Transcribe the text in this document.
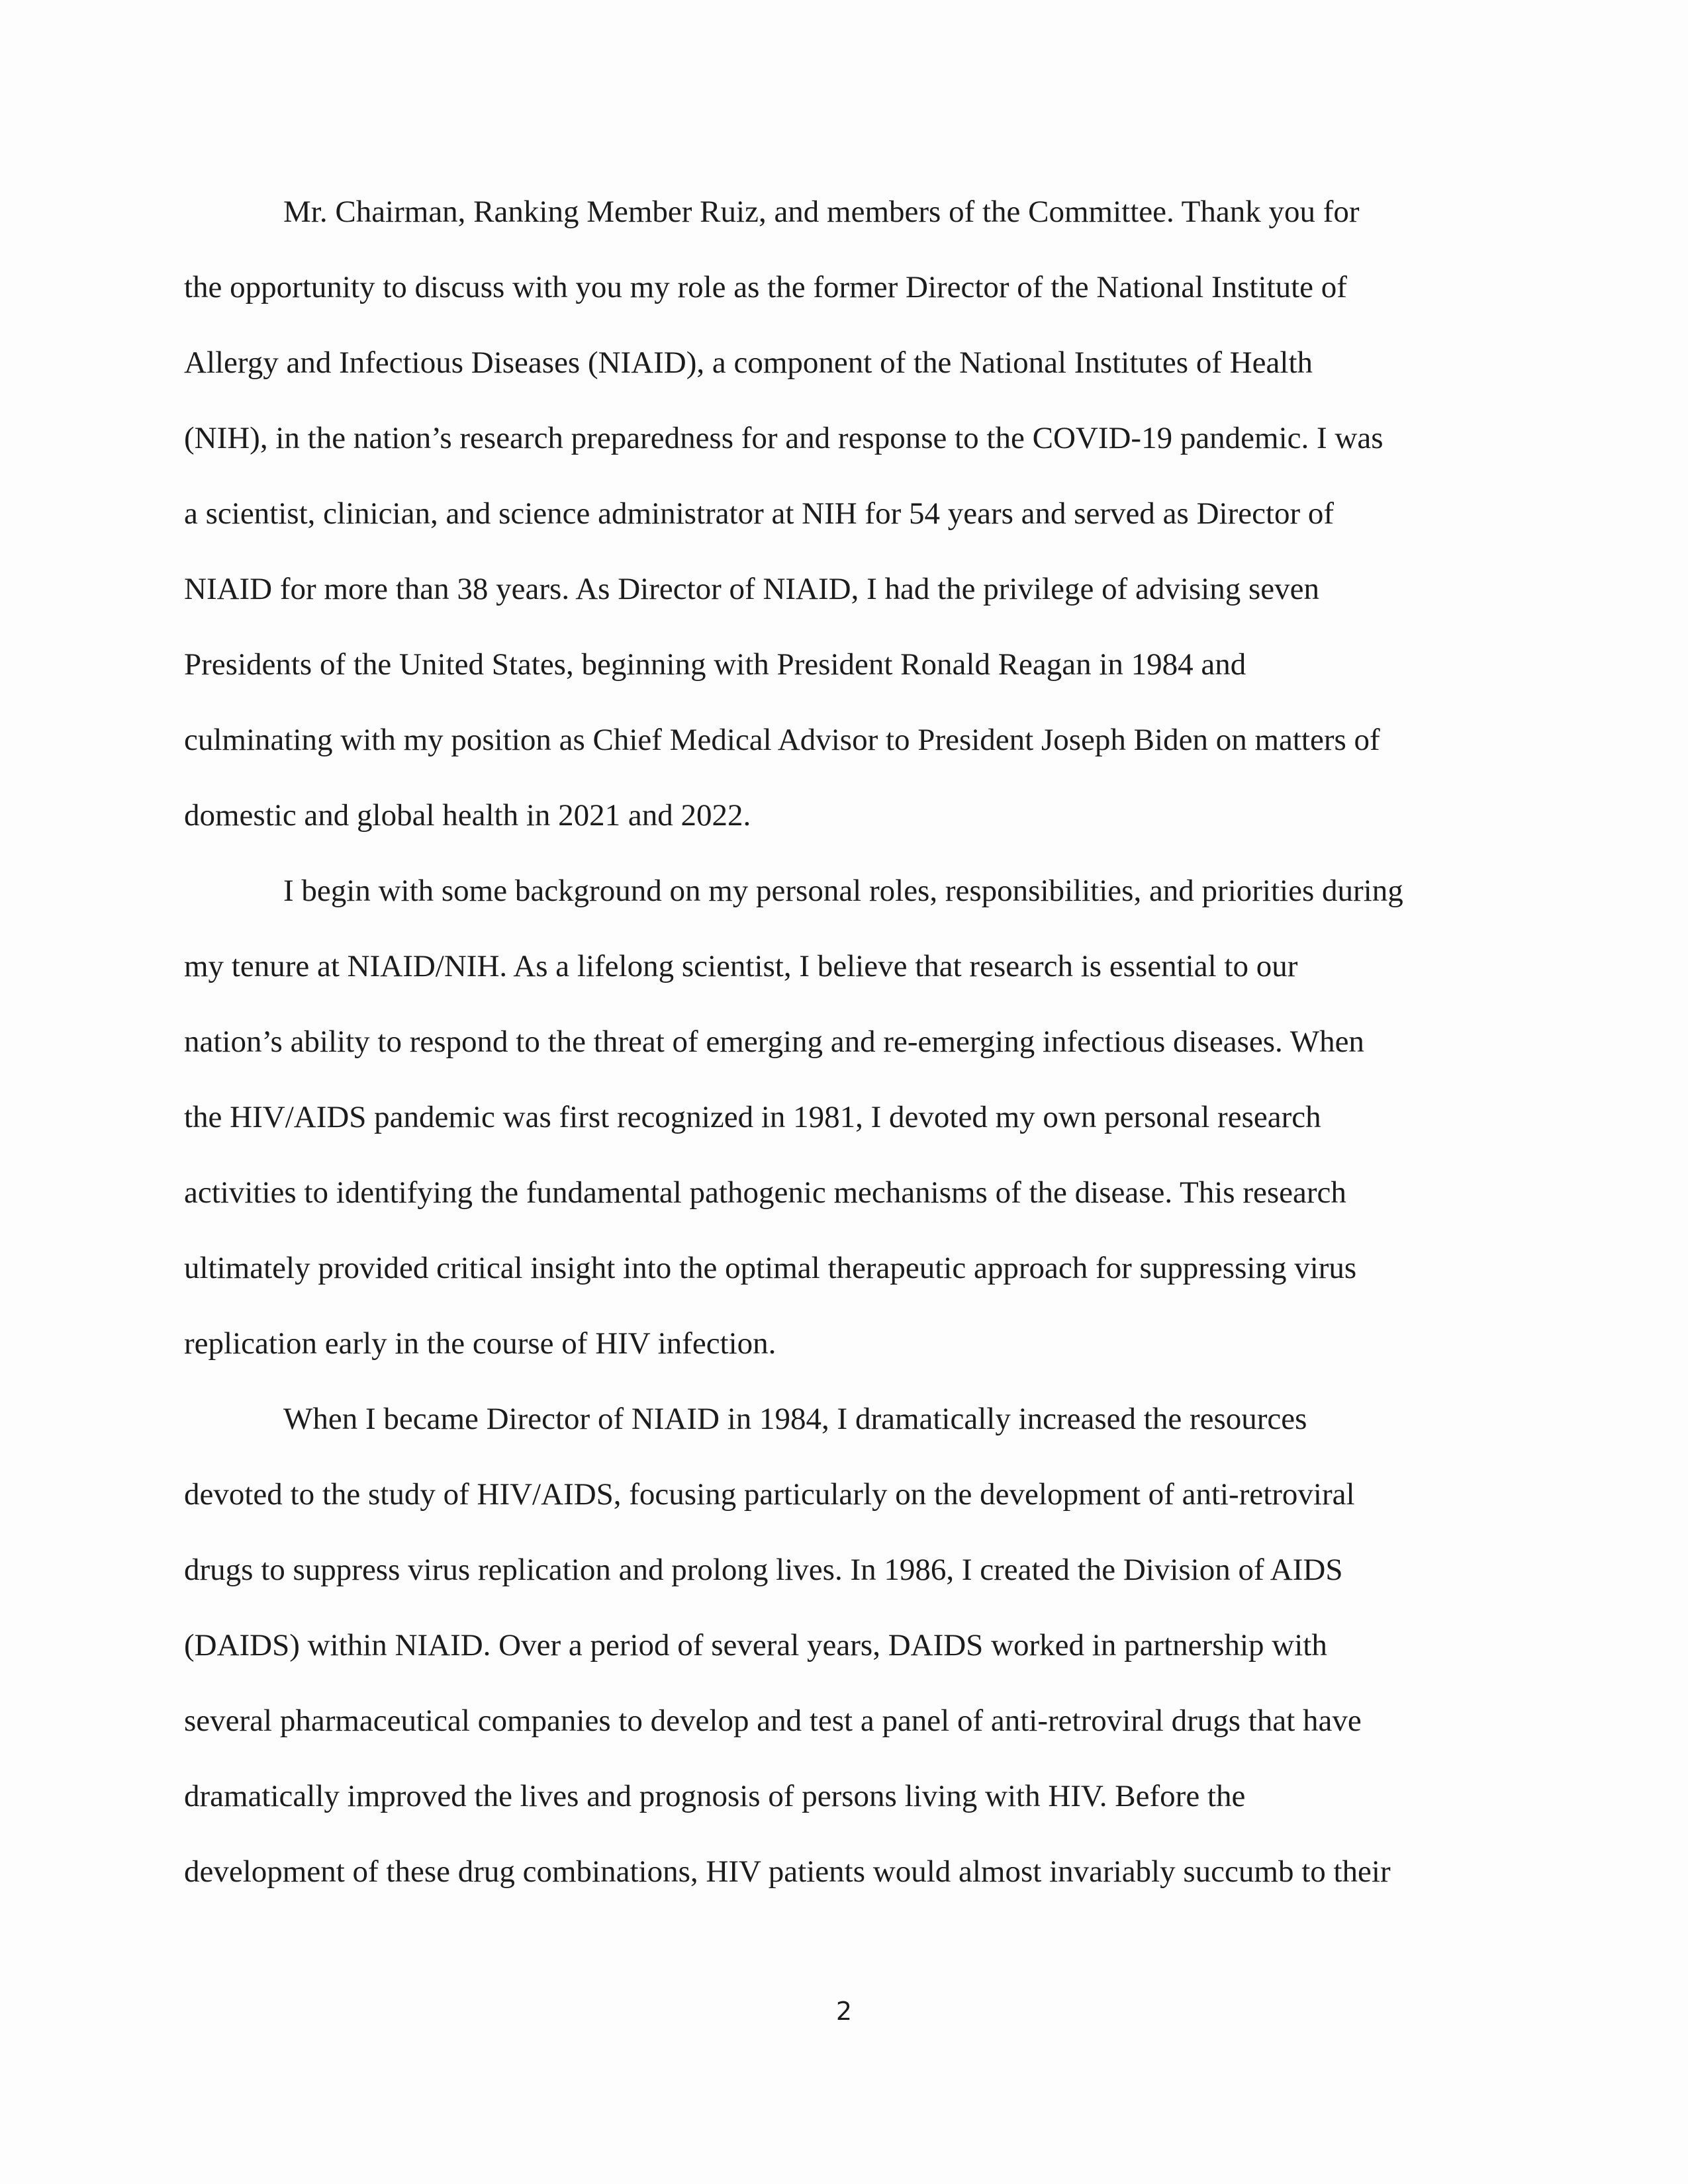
Mr. Chairman, Ranking Member Ruiz, and members of the Committee. Thank you for

the opportunity to discuss with you my role as the former Director of the National Institute of

Allergy and Infectious Diseases (NIAID), a component of the National Institutes of Health

(NIH), in the nation’s research preparedness for and response to the COVID-19 pandemic. I was

a scientist, clinician, and science administrator at NIH for 54 years and served as Director of

NIAID for more than 38 years. As Director of NIAID, I had the privilege of advising seven

Presidents of the United States, beginning with President Ronald Reagan in 1984 and

culminating with my position as Chief Medical Advisor to President Joseph Biden on matters of

domestic and global health in 2021 and 2022.

I begin with some background on my personal roles, responsibilities, and priorities during

my tenure at NIAID/NIH. As a lifelong scientist, I believe that research is essential to our

nation’s ability to respond to the threat of emerging and re-emerging infectious diseases. When

the HIV/AIDS pandemic was first recognized in 1981, I devoted my own personal research

activities to identifying the fundamental pathogenic mechanisms of the disease. This research

ultimately provided critical insight into the optimal therapeutic approach for suppressing virus

replication early in the course of HIV infection.

When I became Director of NIAID in 1984, I dramatically increased the resources

devoted to the study of HIV/AIDS, focusing particularly on the development of anti-retroviral

drugs to suppress virus replication and prolong lives. In 1986, I created the Division of AIDS

(DAIDS) within NIAID. Over a period of several years, DAIDS worked in partnership with

several pharmaceutical companies to develop and test a panel of anti-retroviral drugs that have

dramatically improved the lives and prognosis of persons living with HIV. Before the

development of these drug combinations, HIV patients would almost invariably succumb to their

2
